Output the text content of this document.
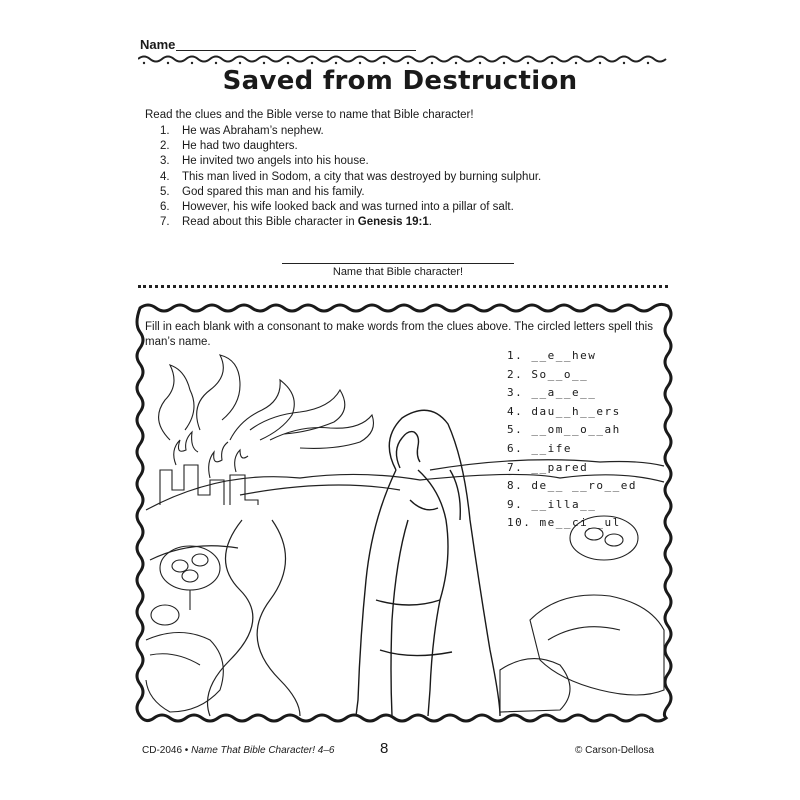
Name
Saved from Destruction
Read the clues and the Bible verse to name that Bible character!
1.	He was Abraham’s nephew.
2.	He had two daughters.
3.	He invited two angels into his house.
4.	This man lived in Sodom, a city that was destroyed by burning sulphur.
5.	God spared this man and his family.
6.	However, his wife looked back and was turned into a pillar of salt.
7.	Read about this Bible character in Genesis 19:1.
Name that Bible character!
Fill in each blank with a consonant to make words from the clues above. The circled letters spell this man’s name.
1. __e__hew
2. So__o__
3. __a__e__
4. dau__h__ers
5. __om__o__ah
6. __ife
7. __pared
8. de__ __ro__ed
9. __illa__
10. me__ci__ul
CD-2046 • Name That Bible Character! 4–6	8	© Carson-Dellosa
